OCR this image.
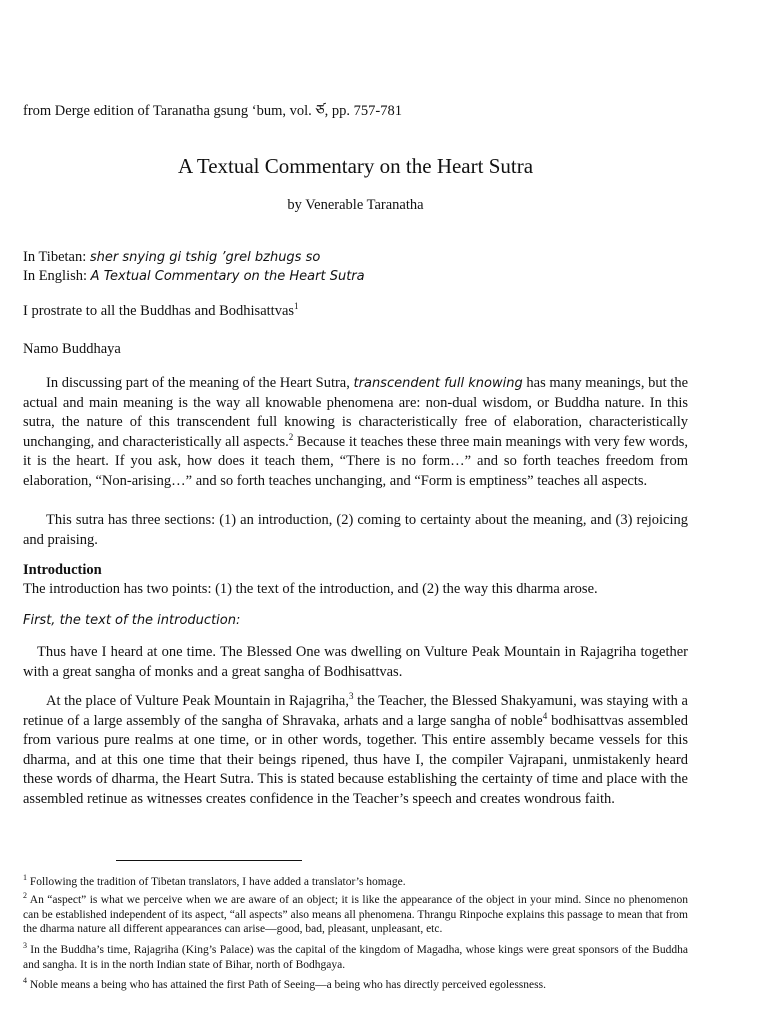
from Derge edition of Taranatha gsung ‘bum, vol. ཙ, pp. 757-781
A Textual Commentary on the Heart Sutra
by Venerable Taranatha
In Tibetan: sher snying gi tshig ’grel bzhugs so
In English: A Textual Commentary on the Heart Sutra
I prostrate to all the Buddhas and Bodhisattvas$^1$
Namo Buddhaya

In discussing part of the meaning of the Heart Sutra, transcendent full knowing has many meanings, but the actual and main meaning is the way all knowable phenomena are: non-dual wisdom, or Buddha nature. In this sutra, the nature of this transcendent full knowing is characteristically free of elaboration, characteristically unchanging, and characteristically all aspects.$^2$ Because it teaches these three main meanings with very few words, it is the heart. If you ask, how does it teach them, “There is no form…” and so forth teaches freedom from elaboration, “Non-arising…” and so forth teaches unchanging, and “Form is emptiness” teaches all aspects.

This sutra has three sections: (1) an introduction, (2) coming to certainty about the meaning, and (3) rejoicing and praising.

Introduction
The introduction has two points: (1) the text of the introduction, and (2) the way this dharma arose.
First, the text of the introduction:

Thus have I heard at one time. The Blessed One was dwelling on Vulture Peak Mountain in Rajagriha together with a great sangha of monks and a great sangha of Bodhisattvas.

At the place of Vulture Peak Mountain in Rajagriha,$^3$ the Teacher, the Blessed Shakyamuni, was staying with a retinue of a large assembly of the sangha of Shravaka, arhats and a large sangha of noble$^4$ bodhisattvas assembled from various pure realms at one time, or in other words, together. This entire assembly became vessels for this dharma, and at this one time that their beings ripened, thus have I, the compiler Vajrapani, unmistakenly heard these words of dharma, the Heart Sutra. This is stated because establishing the certainty of time and place with the assembled retinue as witnesses creates confidence in the Teacher’s speech and creates wondrous faith.

$^1$ Following the tradition of Tibetan translators, I have added a translator’s homage.
$^2$ An “aspect” is what we perceive when we are aware of an object; it is like the appearance of the object in your mind. Since no phenomenon can be established independent of its aspect, “all aspects” also means all phenomena. Thrangu Rinpoche explains this passage to mean that from the dharma nature all different appearances can arise—good, bad, pleasant, unpleasant, etc.
$^3$ In the Buddha’s time, Rajagriha (King’s Palace) was the capital of the kingdom of Magadha, whose kings were great sponsors of the Buddha and sangha. It is in the north Indian state of Bihar, north of Bodhgaya.
$^4$ Noble means a being who has attained the first Path of Seeing—a being who has directly perceived egolessness.
